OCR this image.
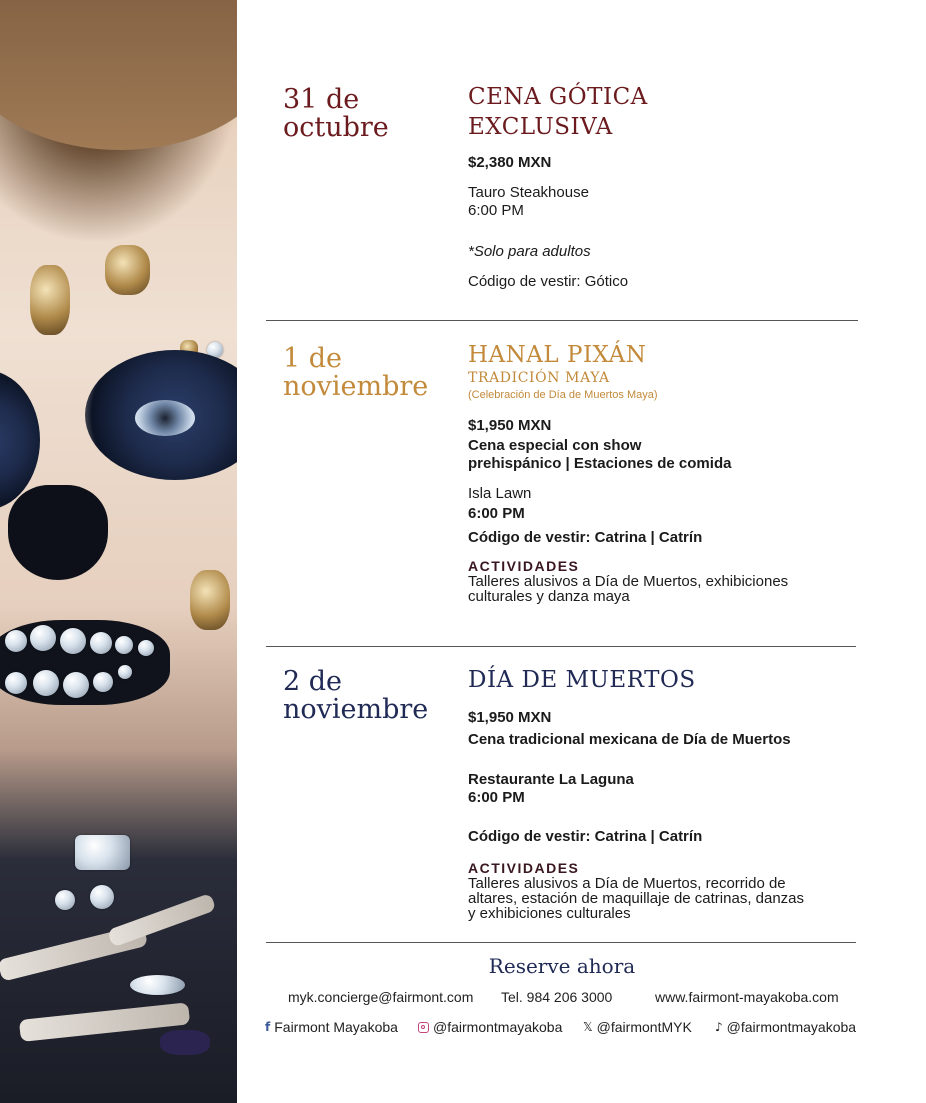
31 de
octubre
CENA GÓTICA
EXCLUSIVA
$2,380 MXN
Tauro Steakhouse
6:00 PM
*Solo para adultos
Código de vestir: Gótico
1 de
noviembre
HANAL PIXÁN
TRADICIÓN MAYA
(Celebración de Día de Muertos Maya)
$1,950 MXN
Cena especial con show
prehispánico | Estaciones de comida
Isla Lawn
6:00 PM
Código de vestir: Catrina | Catrín
ACTIVIDADES
Talleres alusivos a Día de Muertos, exhibiciones
culturales y danza maya
2 de
noviembre
DÍA DE MUERTOS
$1,950 MXN
Cena tradicional mexicana de Día de Muertos
Restaurante La Laguna
6:00 PM
Código de vestir: Catrina | Catrín
ACTIVIDADES
Talleres alusivos a Día de Muertos, recorrido de
altares, estación de maquillaje de catrinas, danzas
y exhibiciones culturales
Reserve ahora
myk.concierge@fairmont.com Tel. 984 206 3000	www.fairmont-mayakoba.com
f Fairmont Mayakoba	@fairmontmayakoba 𝕏 @fairmontMYK ♪ @fairmontmayakoba
